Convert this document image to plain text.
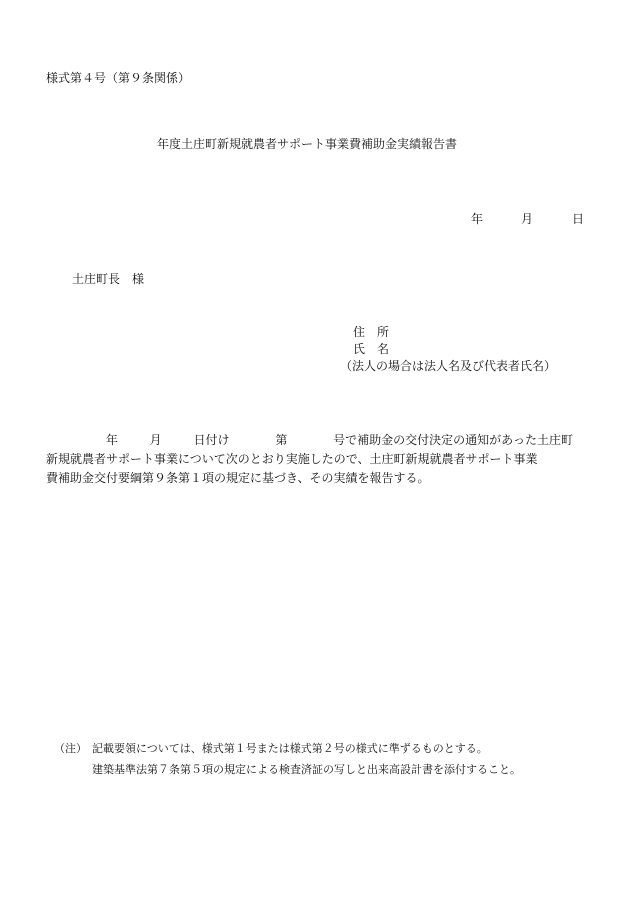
様式第４号（第９条関係）
年度土庄町新規就農者サポート事業費補助金実績報告書
年	月	日
土庄町長　様
住　所
氏　名
（法人の場合は法人名及び代表者氏名）
年	月	日付け	第	号で補助金の交付決定の通知があった土庄町
新規就農者サポート事業について次のとおり実施したので、土庄町新規就農者サポート事業
費補助金交付要綱第９条第１項の規定に基づき、その実績を報告する。
（注） 記載要領については、様式第１号または様式第２号の様式に準ずるものとする。
建築基準法第７条第５項の規定による検査済証の写しと出来高設計書を添付すること。
